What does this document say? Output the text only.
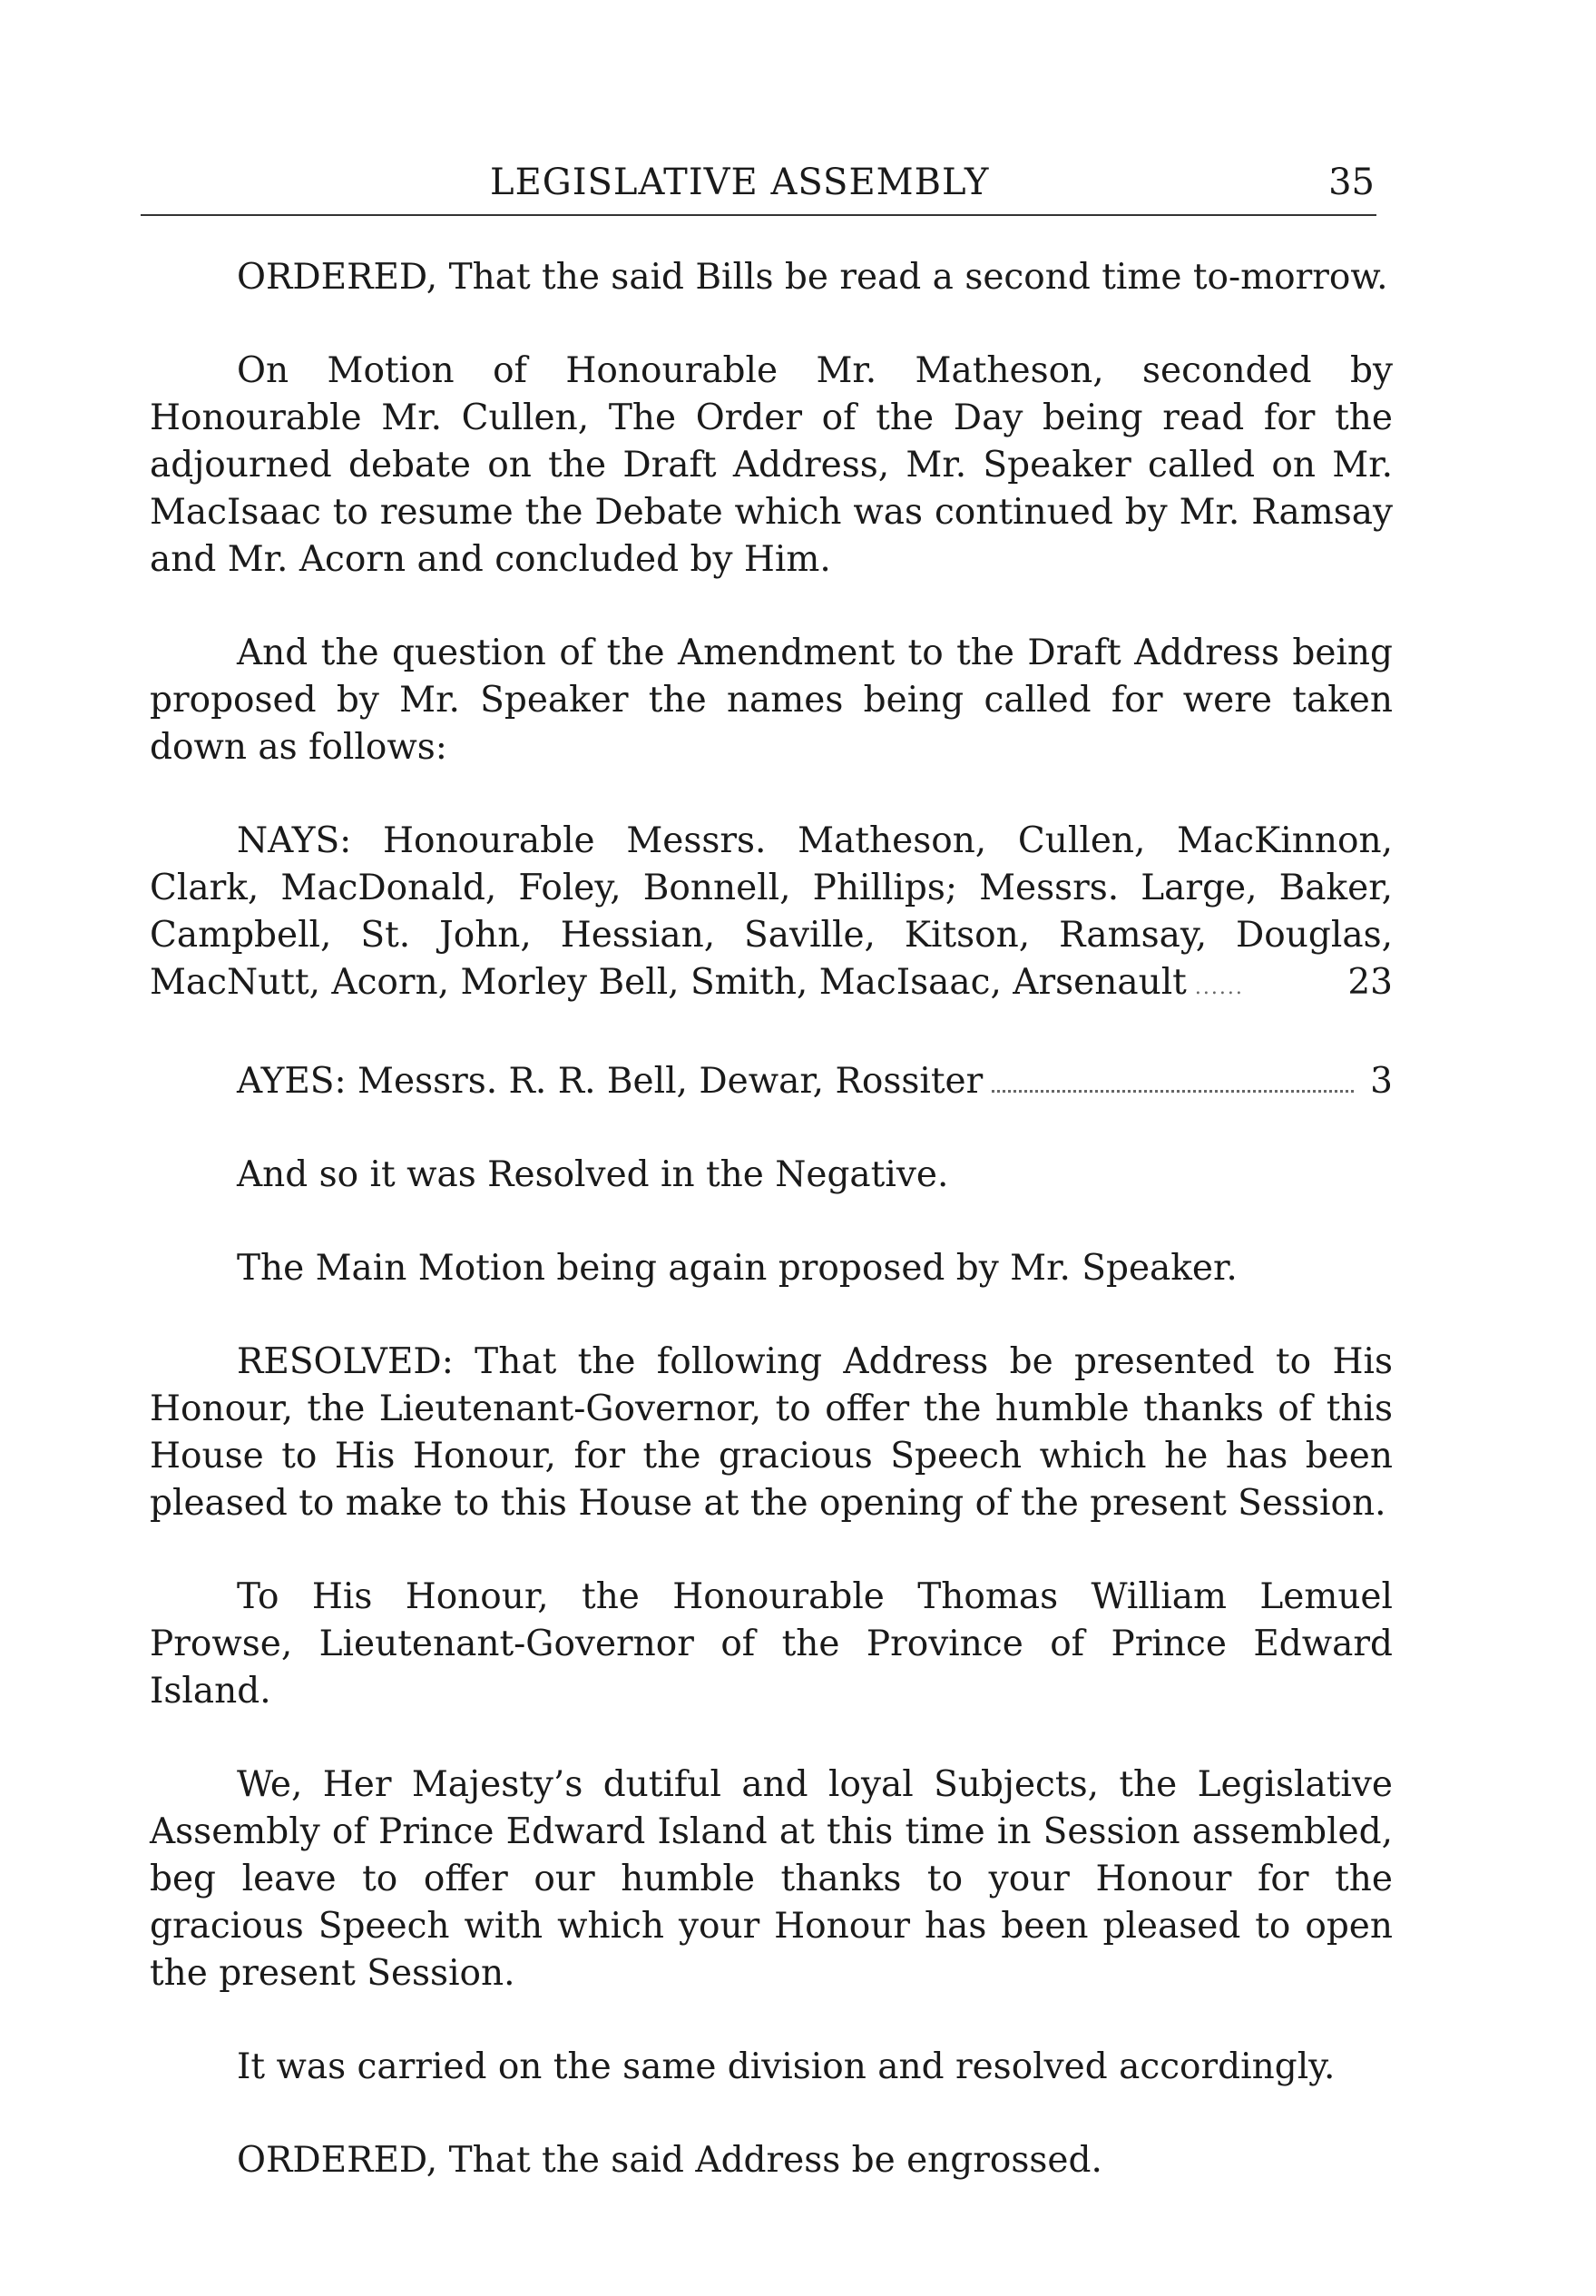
LEGISLATIVE ASSEMBLY	35

ORDERED, That the said Bills be read a second time to-morrow.

On Motion of Honourable Mr. Matheson, seconded by Honourable Mr. Cullen, The Order of the Day being read for the adjourned debate on the Draft Address, Mr. Speaker called on Mr. MacIsaac to resume the Debate which was continued by Mr. Ramsay and Mr. Acorn and concluded by Him.

And the question of the Amendment to the Draft Address being proposed by Mr. Speaker the names being called for were taken down as follows:

NAYS: Honourable Messrs. Matheson, Cullen, MacKinnon, Clark, MacDonald, Foley, Bonnell, Phillips; Messrs. Large, Baker, Campbell, St. John, Hessian, Saville, Kitson, Ramsay, Douglas, MacNutt, Acorn, Morley Bell, Smith, MacIsaac, Arsenault ......	23

AYES: Messrs. R. R. Bell, Dewar, Rossiter	3

And so it was Resolved in the Negative.

The Main Motion being again proposed by Mr. Speaker.

RESOLVED: That the following Address be presented to His Honour, the Lieutenant-Governor, to offer the humble thanks of this House to His Honour, for the gracious Speech which he has been pleased to make to this House at the opening of the present Session.

To His Honour, the Honourable Thomas William Lemuel Prowse, Lieutenant-Governor of the Province of Prince Edward Island.

We, Her Majesty’s dutiful and loyal Subjects, the Legislative Assembly of Prince Edward Island at this time in Session assembled, beg leave to offer our humble thanks to your Honour for the gracious Speech with which your Honour has been pleased to open the present Session.

It was carried on the same division and resolved accordingly.

ORDERED, That the said Address be engrossed.
